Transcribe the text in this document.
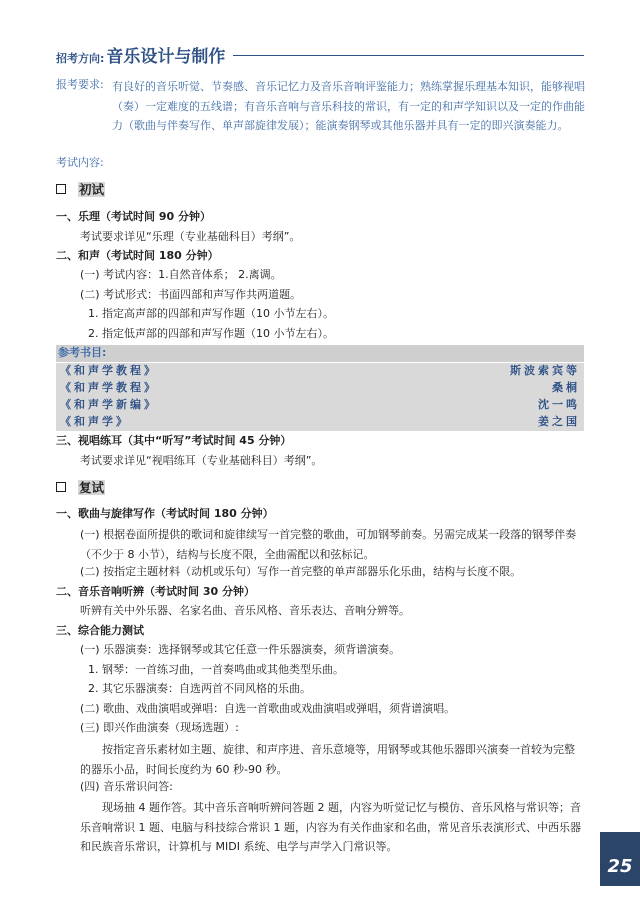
招考方向: 音乐设计与制作
报考要求: 有良好的音乐听觉、节奏感、音乐记忆力及音乐音响评鉴能力；熟练掌握乐理基本知识，能够视唱（奏）一定难度的五线谱；有音乐音响与音乐科技的常识，有一定的和声学知识以及一定的作曲能力（歌曲与伴奏写作、单声部旋律发展）；能演奏钢琴或其他乐器并具有一定的即兴演奏能力。
考试内容:
初试
一、乐理（考试时间 90 分钟）
考试要求详见“乐理（专业基础科目）考纲”。
二、和声（考试时间 180 分钟）
(一) 考试内容：1.自然音体系； 2.离调。
(二) 考试形式：书面四部和声写作共两道题。
1. 指定高声部的四部和声写作题（10 小节左右）。
2. 指定低声部的四部和声写作题（10 小节左右）。
参考书目:
《和声学教程》	斯波索宾等
《和声学教程》	桑桐
《和声学新编》	沈一鸣
《和声学》	姜之国
三、视唱练耳（其中“听写”考试时间 45 分钟）
考试要求详见“视唱练耳（专业基础科目）考纲”。
复试
一、歌曲与旋律写作（考试时间 180 分钟）
(一) 根据卷面所提供的歌词和旋律续写一首完整的歌曲，可加钢琴前奏。另需完成某一段落的钢琴伴奏（不少于 8 小节），结构与长度不限，全曲需配以和弦标记。
(二) 按指定主题材料（动机或乐句）写作一首完整的单声部器乐化乐曲，结构与长度不限。
二、音乐音响听辨（考试时间 30 分钟）
听辨有关中外乐器、名家名曲、音乐风格、音乐表达、音响分辨等。
三、综合能力测试
(一) 乐器演奏：选择钢琴或其它任意一件乐器演奏，须背谱演奏。
1. 钢琴：一首练习曲，一首奏鸣曲或其他类型乐曲。
2. 其它乐器演奏：自选两首不同风格的乐曲。
(二) 歌曲、戏曲演唱或弹唱：自选一首歌曲或戏曲演唱或弹唱，须背谱演唱。
(三) 即兴作曲演奏（现场选题）:
按指定音乐素材如主题、旋律、和声序进、音乐意境等，用钢琴或其他乐器即兴演奏一首较为完整的器乐小品，时间长度约为 60 秒-90 秒。
(四) 音乐常识问答:
现场抽 4 题作答。其中音乐音响听辨问答题 2 题，内容为听觉记忆与模仿、音乐风格与常识等；音乐音响常识 1 题、电脑与科技综合常识 1 题，内容为有关作曲家和名曲，常见音乐表演形式、中西乐器和民族音乐常识，计算机与 MIDI 系统、电学与声学入门常识等。
25
